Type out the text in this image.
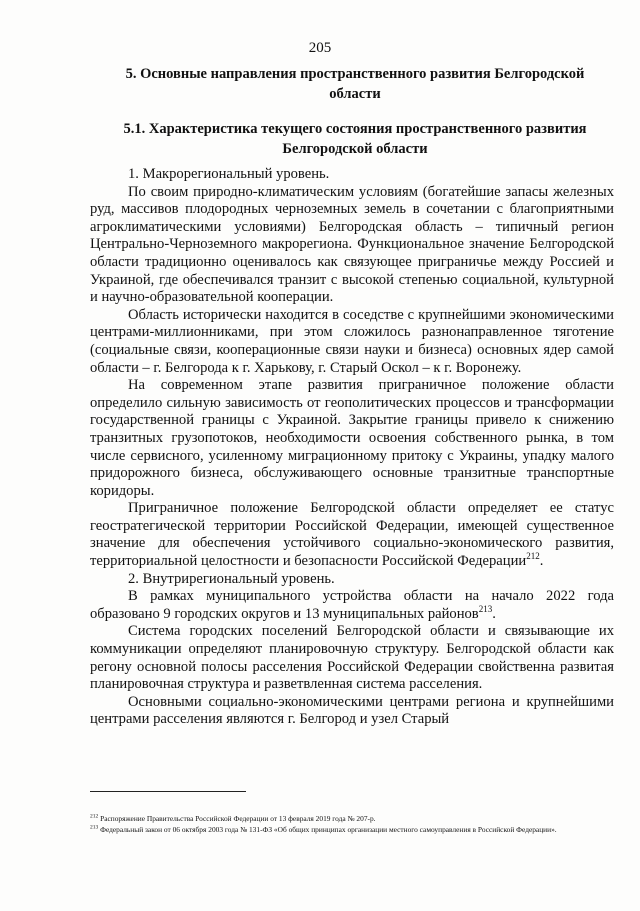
205
5. Основные направления пространственного развития Белгородской области
5.1. Характеристика текущего состояния пространственного развития Белгородской области

1. Макрорегиональный уровень.

По своим природно-климатическим условиям (богатейшие запасы железных руд, массивов плодородных черноземных земель в сочетании с благоприятными агроклиматическими условиями) Белгородская область – типичный регион Центрально-Черноземного макрорегиона. Функциональное значение Белгородской области традиционно оценивалось как связующее приграничье между Россией и Украиной, где обеспечивался транзит с высокой степенью социальной, культурной и научно-образовательной кооперации.

Область исторически находится в соседстве с крупнейшими экономическими центрами-миллионниками, при этом сложилось разнонаправленное тяготение (социальные связи, кооперационные связи науки и бизнеса) основных ядер самой области – г. Белгорода к г. Харькову, г. Старый Оскол – к г. Воронежу.

На современном этапе развития приграничное положение области определило сильную зависимость от геополитических процессов и трансформации государственной границы с Украиной. Закрытие границы привело к снижению транзитных грузопотоков, необходимости освоения собственного рынка, в том числе сервисного, усиленному миграционному притоку с Украины, упадку малого придорожного бизнеса, обслуживающего основные транзитные транспортные коридоры.

Приграничное положение Белгородской области определяет ее статус геостратегической территории Российской Федерации, имеющей существенное значение для обеспечения устойчивого социально-экономического развития, территориальной целостности и безопасности Российской Федерации$^{212}$.

2. Внутрирегиональный уровень.

В рамках муниципального устройства области на начало 2022 года образовано 9 городских округов и 13 муниципальных районов$^{213}$.

Система городских поселений Белгородской области и связывающие их коммуникации определяют планировочную структуру. Белгородской области как регону основной полосы расселения Российской Федерации свойственна развитая планировочная структура и разветвленная система расселения.

Основными социально-экономическими центрами региона и крупнейшими центрами расселения являются г. Белгород и узел Старый

$^{212}$ Распоряжение Правительства Российской Федерации от 13 февраля 2019 года № 207-р.

$^{213}$ Федеральный закон от 06 октября 2003 года № 131-ФЗ «Об общих принципах организации местного самоуправления в Российской Федерации».
